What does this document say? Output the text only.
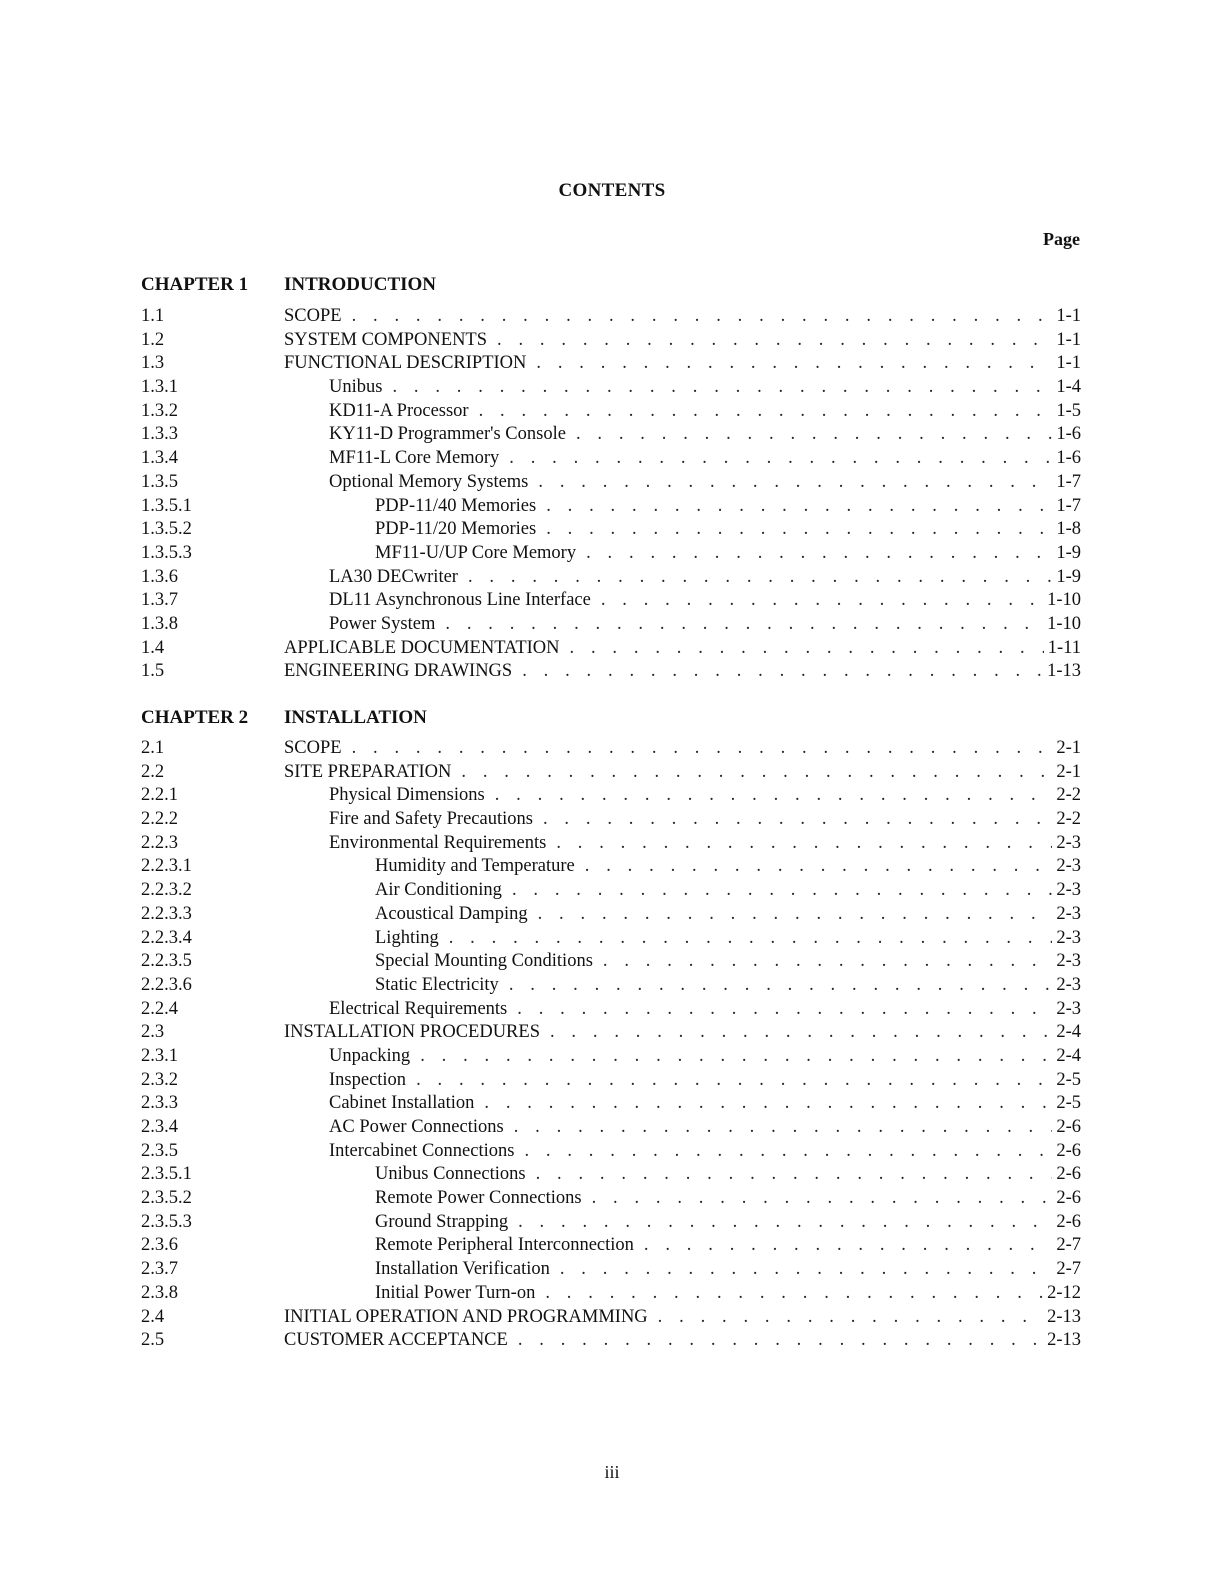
CONTENTS
Page
CHAPTER 1 INTRODUCTION
1.1	SCOPE . . .	1-1
1.2	SYSTEM COMPONENTS . . .	1-1
1.3	FUNCTIONAL DESCRIPTION . . .	1-1
1.3.1	Unibus . . .	1-4
1.3.2	KD11-A Processor . . .	1-5
1.3.3	KY11-D Programmer's Console . . .	1-6
1.3.4	MF11-L Core Memory . . .	1-6
1.3.5	Optional Memory Systems . . .	1-7
1.3.5.1	PDP-11/40 Memories . . .	1-7
1.3.5.2	PDP-11/20 Memories . . .	1-8
1.3.5.3	MF11-U/UP Core Memory . . .	1-9
1.3.6	LA30 DECwriter . . .	1-9
1.3.7	DL11 Asynchronous Line Interface . . .	1-10
1.3.8	Power System . . .	1-10
1.4	APPLICABLE DOCUMENTATION . . .	1-11
1.5	ENGINEERING DRAWINGS . . .	1-13
CHAPTER 2 INSTALLATION
2.1	SCOPE . . .	2-1
2.2	SITE PREPARATION . . .	2-1
2.2.1	Physical Dimensions . . .	2-2
2.2.2	Fire and Safety Precautions . . .	2-2
2.2.3	Environmental Requirements . . .	2-3
2.2.3.1	Humidity and Temperature . . .	2-3
2.2.3.2	Air Conditioning . . .	2-3
2.2.3.3	Acoustical Damping . . .	2-3
2.2.3.4	Lighting . . .	2-3
2.2.3.5	Special Mounting Conditions . . .	2-3
2.2.3.6	Static Electricity . . .	2-3
2.2.4	Electrical Requirements . . .	2-3
2.3	INSTALLATION PROCEDURES . . .	2-4
2.3.1	Unpacking . . .	2-4
2.3.2	Inspection . . .	2-5
2.3.3	Cabinet Installation . . .	2-5
2.3.4	AC Power Connections . . .	2-6
2.3.5	Intercabinet Connections . . .	2-6
2.3.5.1	Unibus Connections . . .	2-6
2.3.5.2	Remote Power Connections . . .	2-6
2.3.5.3	Ground Strapping . . .	2-6
2.3.6	Remote Peripheral Interconnection . . .	2-7
2.3.7	Installation Verification . . .	2-7
2.3.8	Initial Power Turn-on . . .	2-12
2.4	INITIAL OPERATION AND PROGRAMMING . . .	2-13
2.5	CUSTOMER ACCEPTANCE . . .	2-13
iii
